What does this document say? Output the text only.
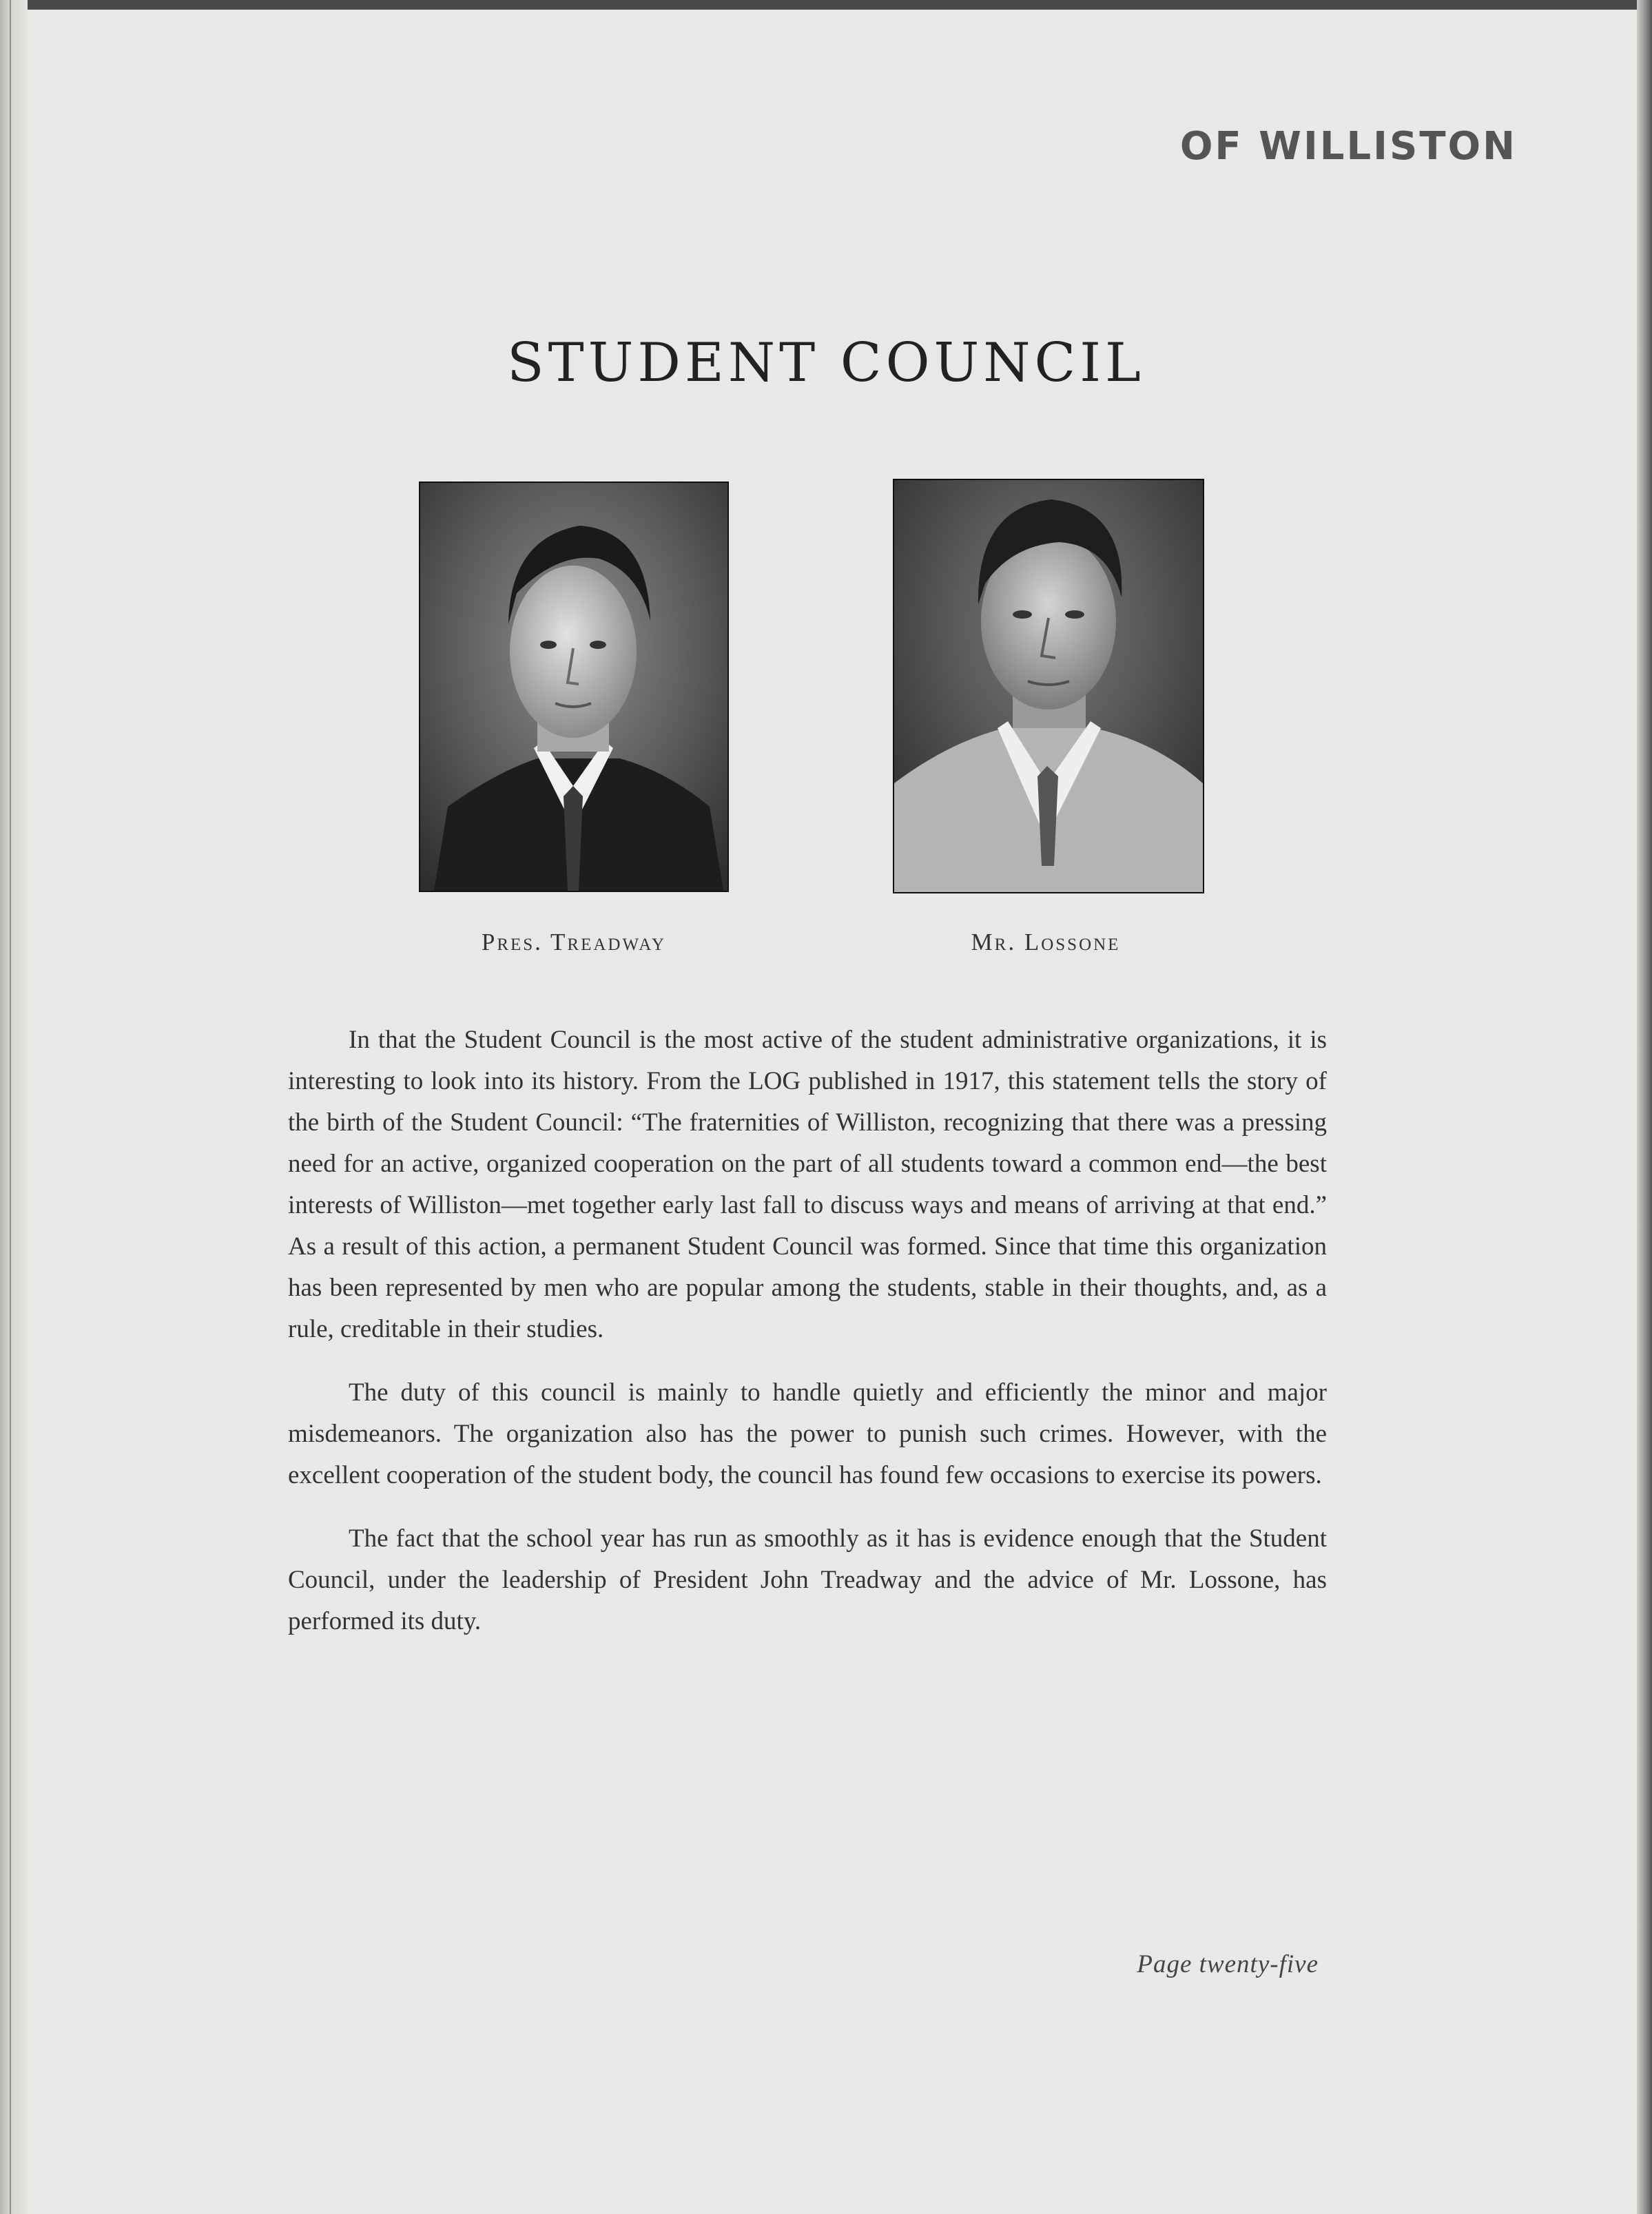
OF WILLISTON
STUDENT COUNCIL
Pres. Treadway	Mr. Lossone

In that the Student Council is the most active of the student administrative organizations, it is interesting to look into its history. From the LOG published in 1917, this statement tells the story of the birth of the Student Council: “The fraternities of Williston, recognizing that there was a pressing need for an active, organized cooperation on the part of all students toward a common end—the best interests of Williston—met together early last fall to discuss ways and means of arriving at that end.” As a result of this action, a permanent Student Council was formed. Since that time this organization has been represented by men who are popular among the students, stable in their thoughts, and, as a rule, creditable in their studies.

The duty of this council is mainly to handle quietly and efficiently the minor and major misdemeanors. The organization also has the power to punish such crimes. However, with the excellent cooperation of the student body, the council has found few occasions to exercise its powers.

The fact that the school year has run as smoothly as it has is evidence enough that the Student Council, under the leadership of President John Treadway and the advice of Mr. Lossone, has performed its duty.

Page twenty-five
